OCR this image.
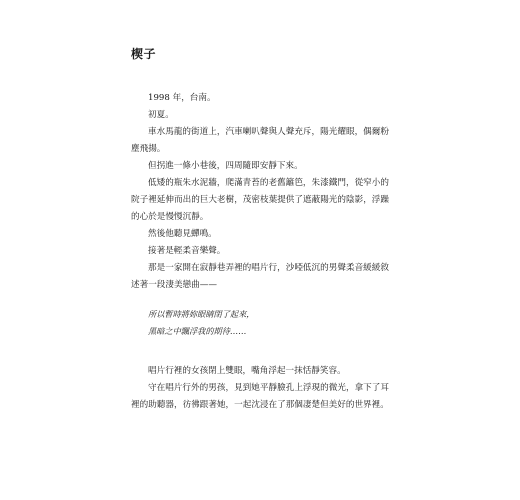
楔子
1998 年，台南。
初夏。
車水馬龍的街道上，汽車喇叭聲與人聲充斥，陽光耀眼，偶爾粉塵飛揚。
但拐進一條小巷後，四周隨即安靜下來。
低矮的瓶朱水泥牆，爬滿青苔的老舊籬笆，朱漆鐵門，從窄小的院子裡延伸而出的巨大老樹，茂密枝葉提供了遮蔽陽光的陰影，浮躁的心於是慢慢沉靜。
然後他聽見蟬鳴。
接著是輕柔音樂聲。
那是一家開在寂靜巷弄裡的唱片行，沙啞低沉的男聲柔音緩緩敘述著一段淒美戀曲——
所以暫時將妳眼睛閉了起來，
黑暗之中飄浮我的期待……
唱片行裡的女孩閉上雙眼，嘴角浮起一抹恬靜笑容。
守在唱片行外的男孩，見到她平靜臉孔上浮現的微光，拿下了耳裡的助聽器，彷彿跟著她，一起沈浸在了那個凄楚但美好的世界裡。
